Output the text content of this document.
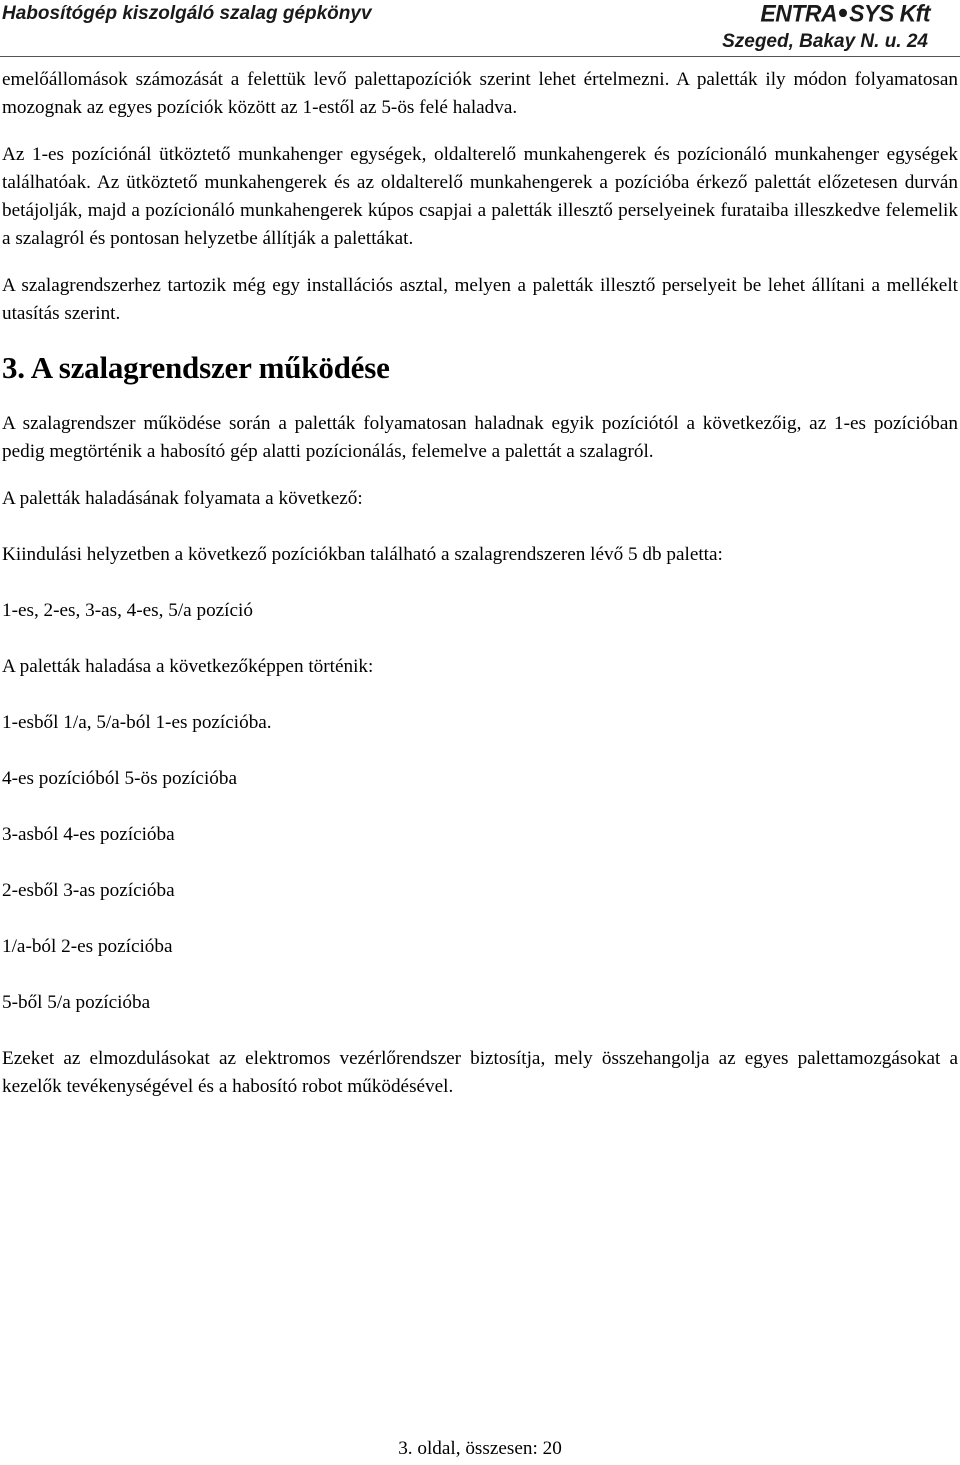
Habosítógép kiszolgáló szalag gépkönyv	ENTRA SYS Kft
Szeged, Bakay N. u. 24

emelőállomások számozását a felettük levő palettapozíciók szerint lehet értelmezni. A paletták ily módon folyamatosan mozognak az egyes pozíciók között az 1-estől az 5-ös felé haladva.

Az 1-es pozíciónál ütköztető munkahenger egységek, oldalterelő munkahengerek és pozícionáló munkahenger egységek találhatóak. Az ütköztető munkahengerek és az oldalterelő munkahengerek a pozícióba érkező palettát előzetesen durván betájolják, majd a pozícionáló munkahengerek kúpos csapjai a paletták illesztő perselyeinek furataiba illeszkedve felemelik a szalagról és pontosan helyzetbe állítják a palettákat.

A szalagrendszerhez tartozik még egy installációs asztal, melyen a paletták illesztő perselyeit be lehet állítani a mellékelt utasítás szerint.

3. A szalagrendszer működése

A szalagrendszer működése során a paletták folyamatosan haladnak egyik pozíciótól a következőig, az 1-es pozícióban pedig megtörténik a habosító gép alatti pozícionálás, felemelve a palettát a szalagról.

A paletták haladásának folyamata a következő:

Kiindulási helyzetben a következő pozíciókban található a szalagrendszeren lévő 5 db paletta:

1-es, 2-es, 3-as, 4-es, 5/a pozíció

A paletták haladása a következőképpen történik:

1-esből 1/a, 5/a-ból 1-es pozícióba.

4-es pozícióból 5-ös pozícióba

3-asból 4-es pozícióba

2-esből 3-as pozícióba

1/a-ból 2-es pozícióba

5-ből 5/a pozícióba

Ezeket az elmozdulásokat az elektromos vezérlőrendszer biztosítja, mely összehangolja az egyes palettamozgásokat a kezelők tevékenységével és a habosító robot működésével.

3. oldal, összesen: 20
